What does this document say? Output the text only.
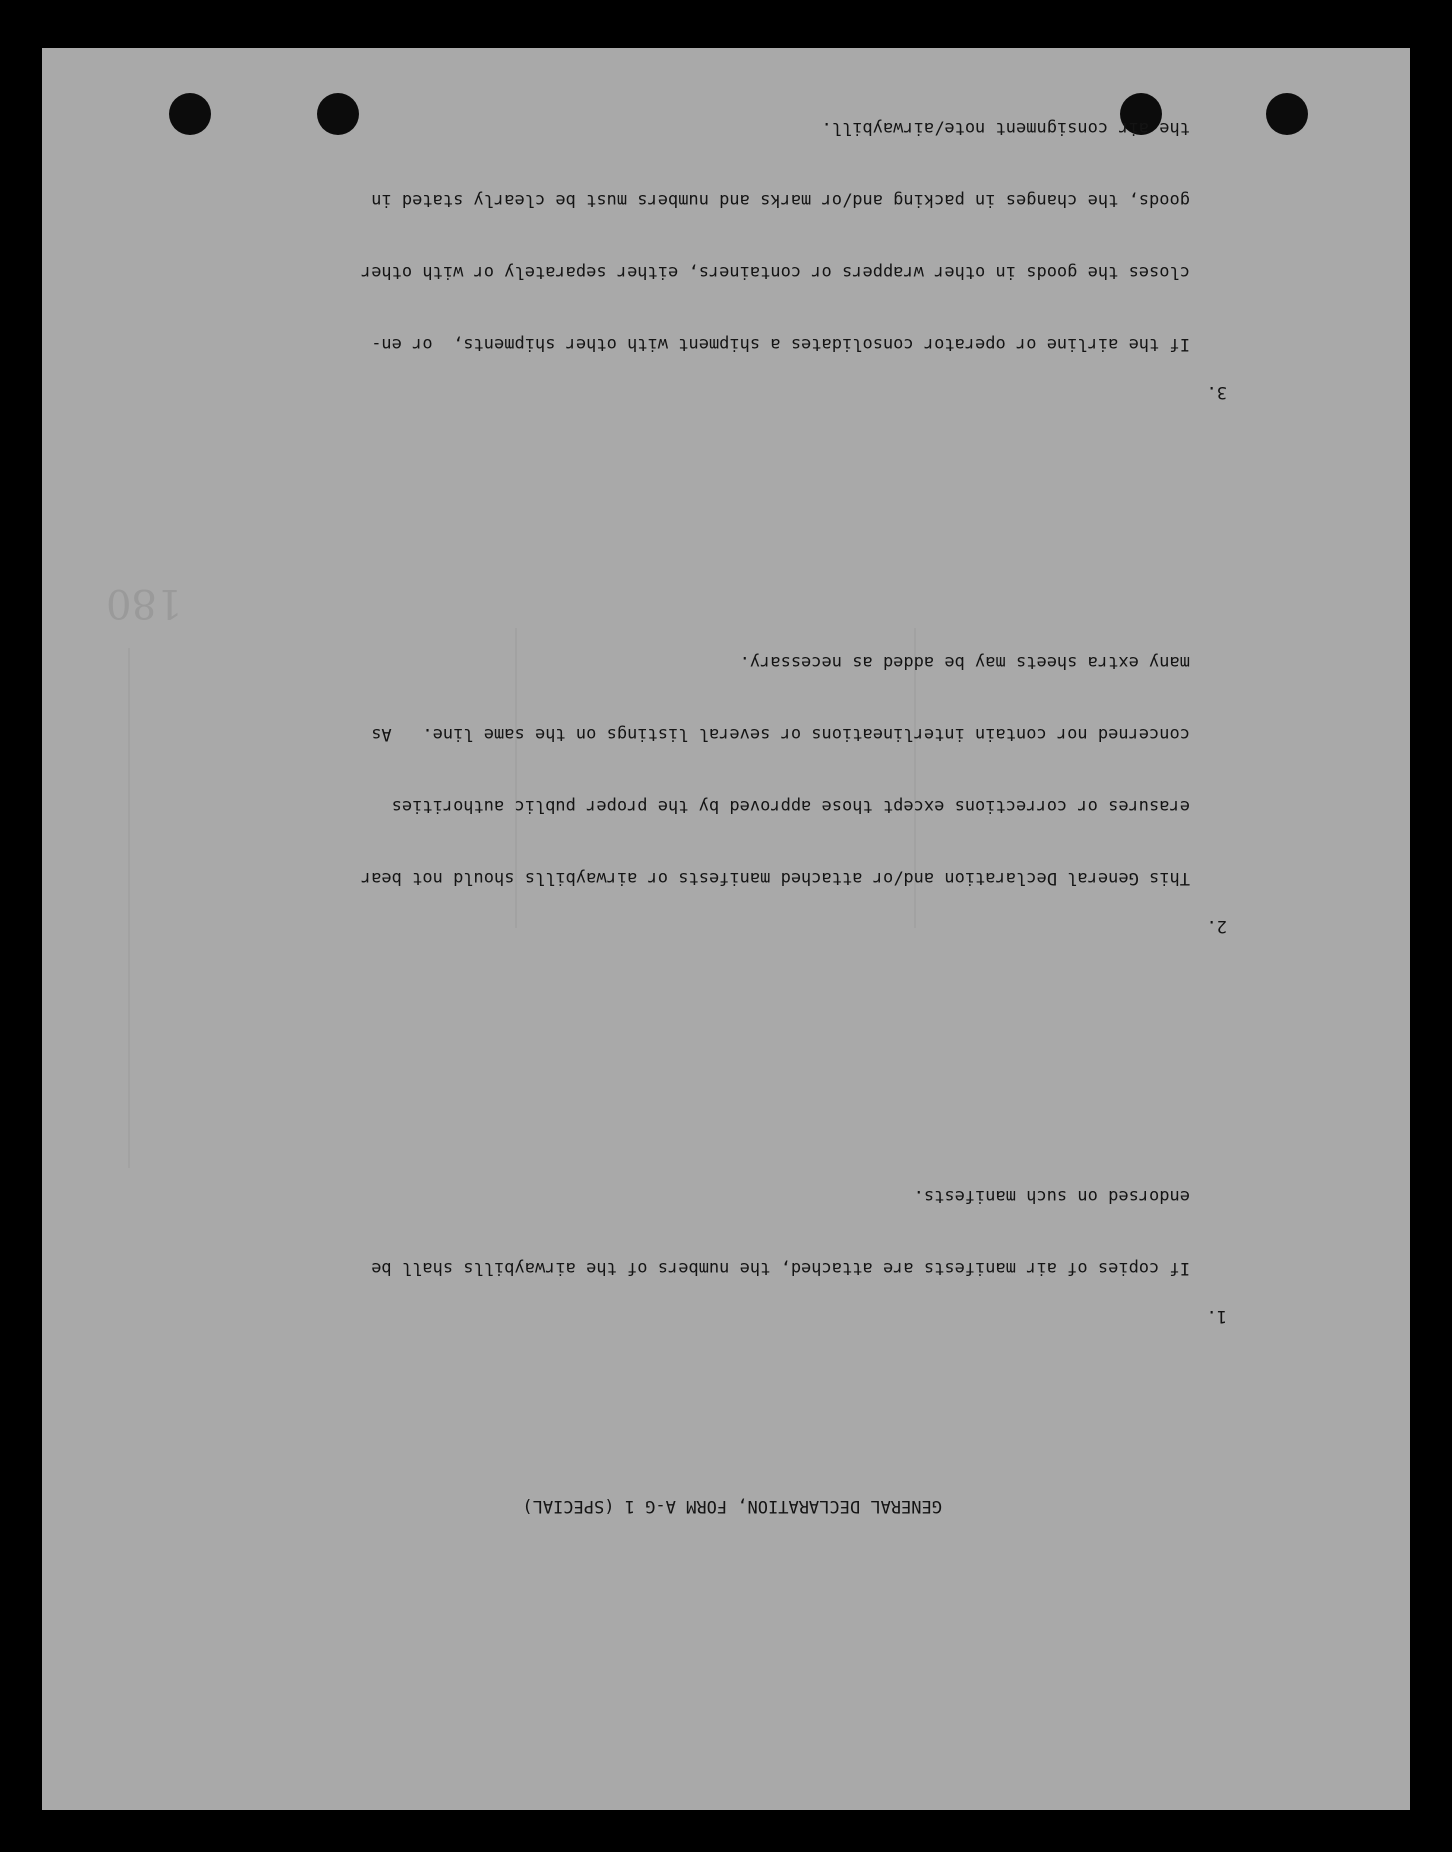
180

GENERAL DECLARATION, FORM A-G 1 (SPECIAL)

1.

If copies of air manifests are attached, the numbers of the airwaybills shall be

endorsed on such manifests.

2.

This General Declaration and/or attached manifests or airwaybills should not bear

erasures or corrections except those approved by the proper public authorities

concerned nor contain interlineations or several listings on the same line.   As

many extra sheets may be added as necessary.

3.

If the airline or operator consolidates a shipment with other shipments,  or en-

closes the goods in other wrappers or containers, either separately or with other

goods, the changes in packing and/or marks and numbers must be clearly stated in

the air consignment note/airwaybill.
